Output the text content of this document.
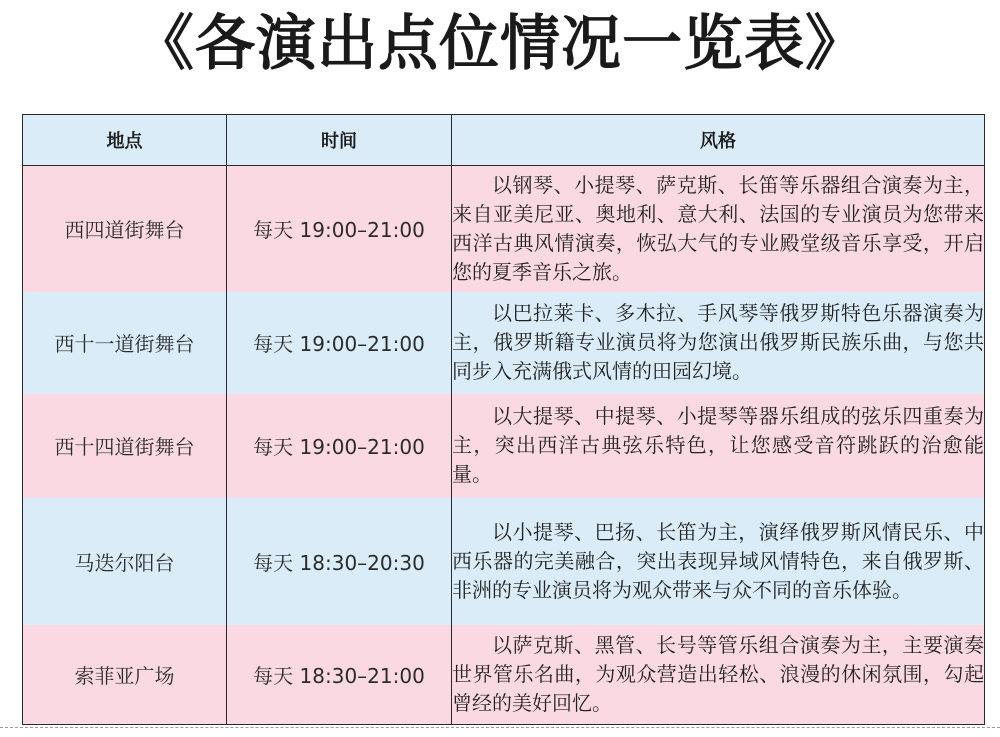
《各演出点位情况一览表》
地点	时间	风格
西四道街舞台	每天 19:00–21:00	以钢琴、小提琴、萨克斯、长笛等乐器组合演奏为主，来自亚美尼亚、奥地利、意大利、法国的专业演员为您带来西洋古典风情演奏，恢弘大气的专业殿堂级音乐享受，开启您的夏季音乐之旅。
西十一道街舞台	每天 19:00–21:00	以巴拉莱卡、多木拉、手风琴等俄罗斯特色乐器演奏为主，俄罗斯籍专业演员将为您演出俄罗斯民族乐曲，与您共同步入充满俄式风情的田园幻境。
西十四道街舞台	每天 19:00–21:00	以大提琴、中提琴、小提琴等器乐组成的弦乐四重奏为主，突出西洋古典弦乐特色，让您感受音符跳跃的治愈能量。
马迭尔阳台	每天 18:30–20:30	以小提琴、巴扬、长笛为主，演绎俄罗斯风情民乐、中西乐器的完美融合，突出表现异域风情特色，来自俄罗斯、非洲的专业演员将为观众带来与众不同的音乐体验。
索菲亚广场	每天 18:30–21:00	以萨克斯、黑管、长号等管乐组合演奏为主，主要演奏世界管乐名曲，为观众营造出轻松、浪漫的休闲氛围，勾起曾经的美好回忆。
